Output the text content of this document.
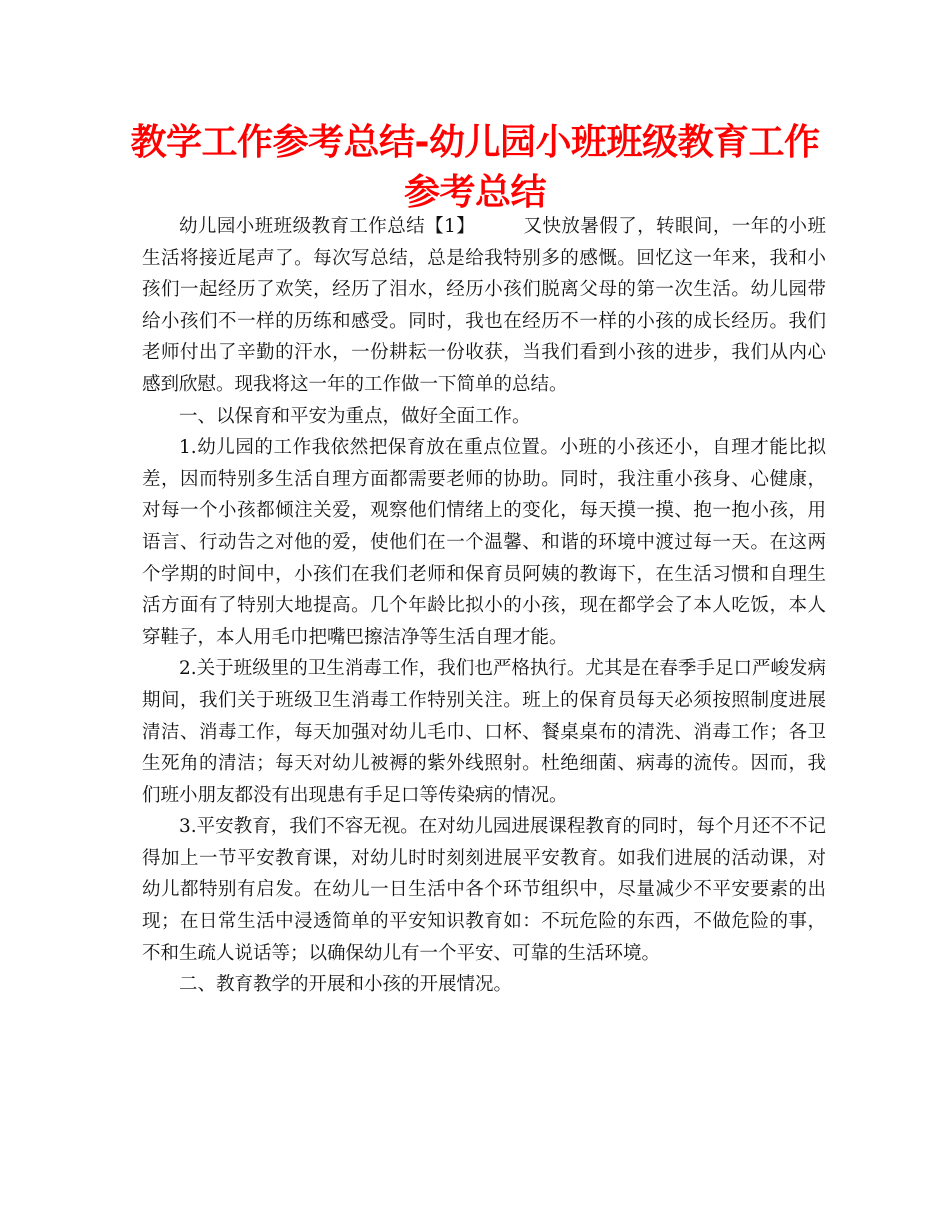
教学工作参考总结-幼儿园小班班级教育工作参考总结

幼儿园小班班级教育工作总结【1】	又快放暑假了，转眼间，一年的小班生活将接近尾声了。每次写总结，总是给我特别多的感慨。回忆这一年来，我和小孩们一起经历了欢笑，经历了泪水，经历小孩们脱离父母的第一次生活。幼儿园带给小孩们不一样的历练和感受。同时，我也在经历不一样的小孩的成长经历。我们老师付出了辛勤的汗水，一份耕耘一份收获，当我们看到小孩的进步，我们从内心感到欣慰。现我将这一年的工作做一下简单的总结。

一、以保育和平安为重点，做好全面工作。

1.幼儿园的工作我依然把保育放在重点位置。小班的小孩还小，自理才能比拟差，因而特别多生活自理方面都需要老师的协助。同时，我注重小孩身、心健康，对每一个小孩都倾注关爱，观察他们情绪上的变化，每天摸一摸、抱一抱小孩，用语言、行动告之对他的爱，使他们在一个温馨、和谐的环境中渡过每一天。在这两个学期的时间中，小孩们在我们老师和保育员阿姨的教诲下，在生活习惯和自理生活方面有了特别大地提高。几个年龄比拟小的小孩，现在都学会了本人吃饭，本人穿鞋子，本人用毛巾把嘴巴擦洁净等生活自理才能。

2.关于班级里的卫生消毒工作，我们也严格执行。尤其是在春季手足口严峻发病期间，我们关于班级卫生消毒工作特别关注。班上的保育员每天必须按照制度进展清洁、消毒工作，每天加强对幼儿毛巾、口杯、餐桌桌布的清洗、消毒工作；各卫生死角的清洁；每天对幼儿被褥的紫外线照射。杜绝细菌、病毒的流传。因而，我们班小朋友都没有出现患有手足口等传染病的情况。

3.平安教育，我们不容无视。在对幼儿园进展课程教育的同时，每个月还不不记得加上一节平安教育课，对幼儿时时刻刻进展平安教育。如我们进展的活动课，对幼儿都特别有启发。在幼儿一日生活中各个环节组织中，尽量减少不平安要素的出现；在日常生活中浸透简单的平安知识教育如：不玩危险的东西，不做危险的事，不和生疏人说话等；以确保幼儿有一个平安、可靠的生活环境。

二、教育教学的开展和小孩的开展情况。
